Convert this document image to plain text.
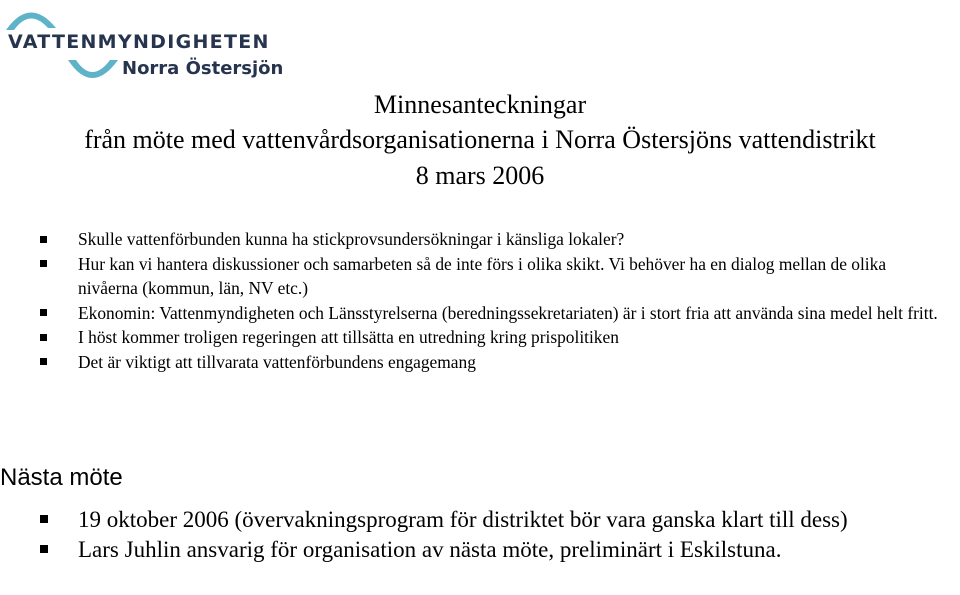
VATTENMYNDIGHETEN
Norra Östersjön
Minnesanteckningar
från möte med vattenvårdsorganisationerna i Norra Östersjöns vattendistrikt
8 mars 2006
Skulle vattenförbunden kunna ha stickprovsundersökningar i känsliga lokaler?
Hur kan vi hantera diskussioner och samarbeten så de inte förs i olika skikt. Vi behöver ha en dialog mellan de olika nivåerna (kommun, län, NV etc.)
Ekonomin: Vattenmyndigheten och Länsstyrelserna (beredningssekretariaten) är i stort fria att använda sina medel helt fritt.
I höst kommer troligen regeringen att tillsätta en utredning kring prispolitiken
Det är viktigt att tillvarata vattenförbundens engagemang
Nästa möte
19 oktober 2006 (övervakningsprogram för distriktet bör vara ganska klart till dess)
Lars Juhlin ansvarig för organisation av nästa möte, preliminärt i Eskilstuna.
